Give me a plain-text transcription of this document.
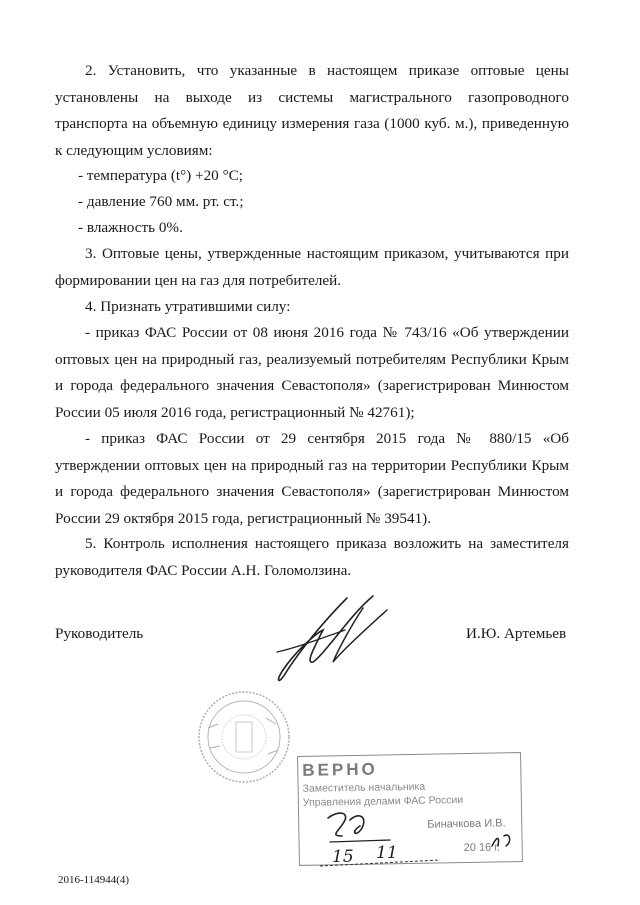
2. Установить, что указанные в настоящем приказе оптовые цены установлены на выходе из системы магистрального газопроводного транспорта на объемную единицу измерения газа (1000 куб. м.), приведенную к следующим условиям:

- температура (t°) +20 °С;

- давление 760 мм. рт. ст.;

- влажность 0%.

3. Оптовые цены, утвержденные настоящим приказом, учитываются при формировании цен на газ для потребителей.

4. Признать утратившими силу:

- приказ ФАС России от 08 июня 2016 года № 743/16 «Об утверждении оптовых цен на природный газ, реализуемый потребителям Республики Крым и города федерального значения Севастополя» (зарегистрирован Минюстом России 05 июля 2016 года, регистрационный № 42761);

- приказ ФАС России от 29 сентября 2015 года № 880/15 «Об утверждении оптовых цен на природный газ на территории Республики Крым и города федерального значения Севастополя» (зарегистрирован Минюстом России 29 октября 2015 года, регистрационный № 39541).

5. Контроль исполнения настоящего приказа возложить на заместителя руководителя ФАС России А.Н. Голомолзина.

Руководитель	И.Ю. Артемьев
ВЕРНО
Заместитель начальника
Управления делами ФАС России
Биначкова И.В.
20 16 г.
15 11
2016-114944(4)
